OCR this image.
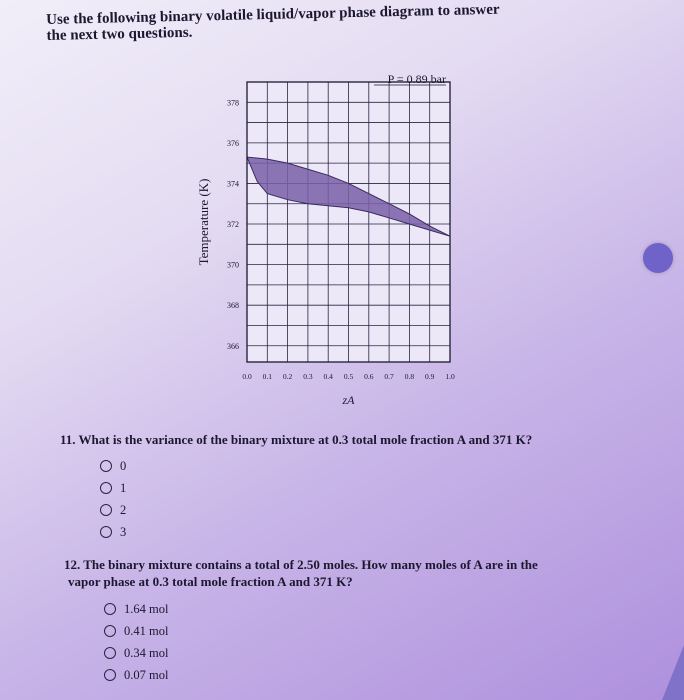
Use the following binary volatile liquid/vapor phase diagram to answer
the next two questions.
366
368
370
372
374
376
378
0.0 0.1 0.2 0.3 0.4 0.5 0.6 0.7 0.8 0.9 1.0
P = 0.89 bar
Temperature (K)
zA
11. What is the variance of the binary mixture at 0.3 total mole fraction A and 371 K?
0
1
2
3
12. The binary mixture contains a total of 2.50 moles. How many moles of A are in the
vapor phase at 0.3 total mole fraction A and 371 K?
1.64 mol
0.41 mol
0.34 mol
0.07 mol
